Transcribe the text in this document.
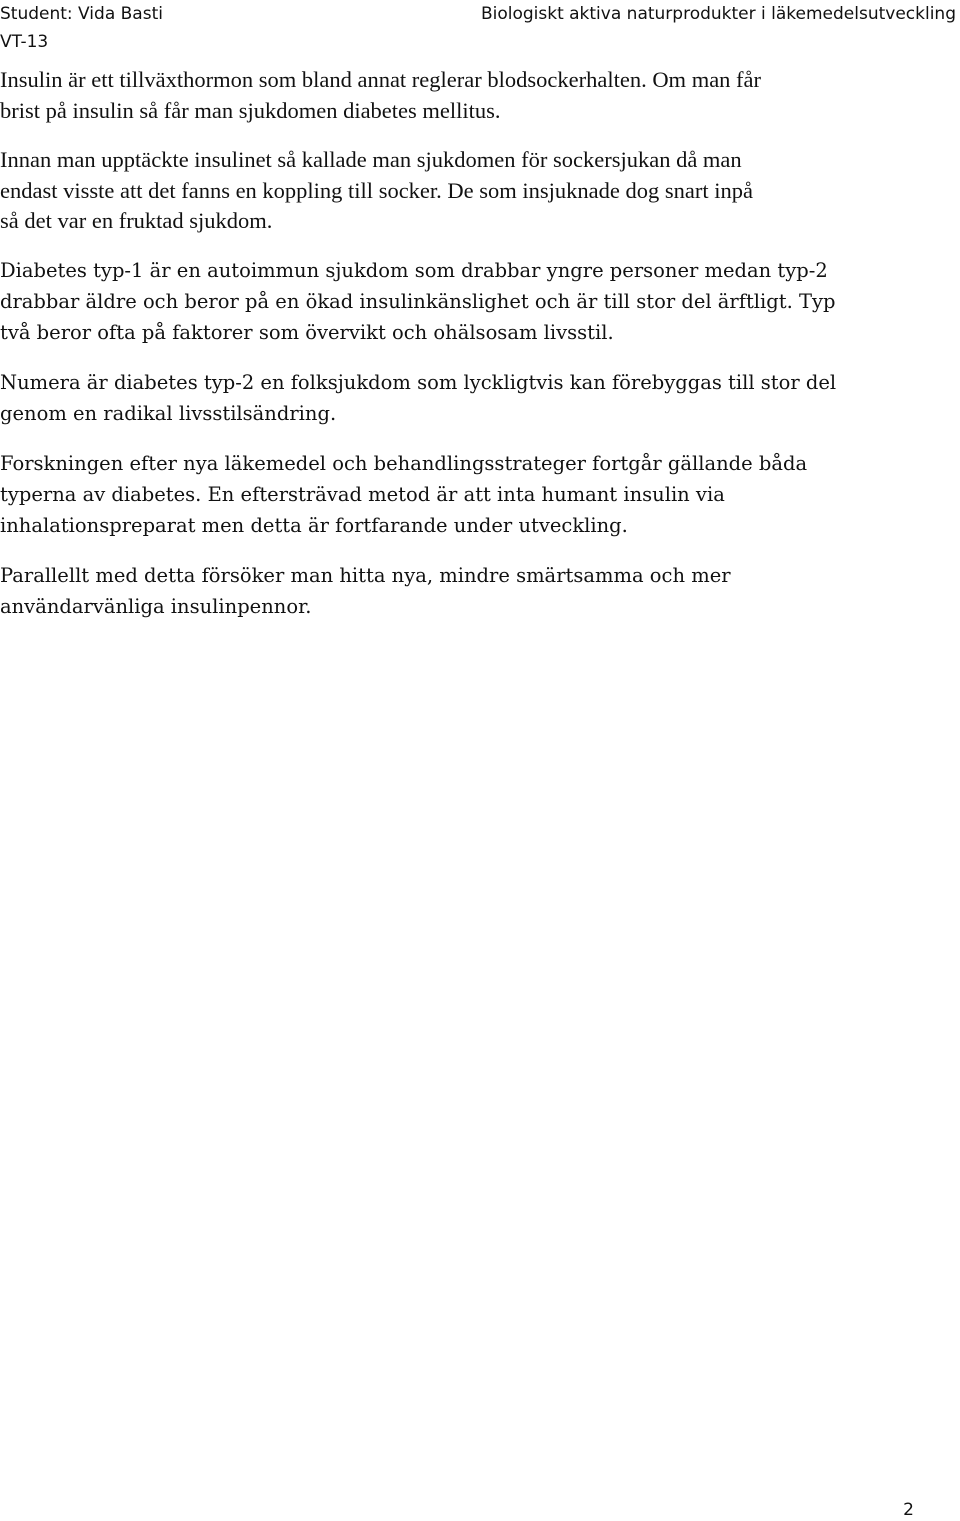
Student: Vida Basti
VT-13
Biologiskt aktiva naturprodukter i läkemedelsutveckling

Insulin är ett tillväxthormon som bland annat reglerar blodsockerhalten. Om man får
brist på insulin så får man sjukdomen diabetes mellitus.

Innan man upptäckte insulinet så kallade man sjukdomen för sockersjukan då man
endast visste att det fanns en koppling till socker. De som insjuknade dog snart inpå
så det var en fruktad sjukdom.

Diabetes typ-1 är en autoimmun sjukdom som drabbar yngre personer medan typ-2
drabbar äldre och beror på en ökad insulinkänslighet och är till stor del ärftligt. Typ
två beror ofta på faktorer som övervikt och ohälsosam livsstil.

Numera är diabetes typ-2 en folksjukdom som lyckligtvis kan förebyggas till stor del
genom en radikal livsstilsändring.

Forskningen efter nya läkemedel och behandlingsstrateger fortgår gällande båda
typerna av diabetes. En eftersträvad metod är att inta humant insulin via
inhalationspreparat men detta är fortfarande under utveckling.

Parallellt med detta försöker man hitta nya, mindre smärtsamma och mer
användarvänliga insulinpennor.

2
